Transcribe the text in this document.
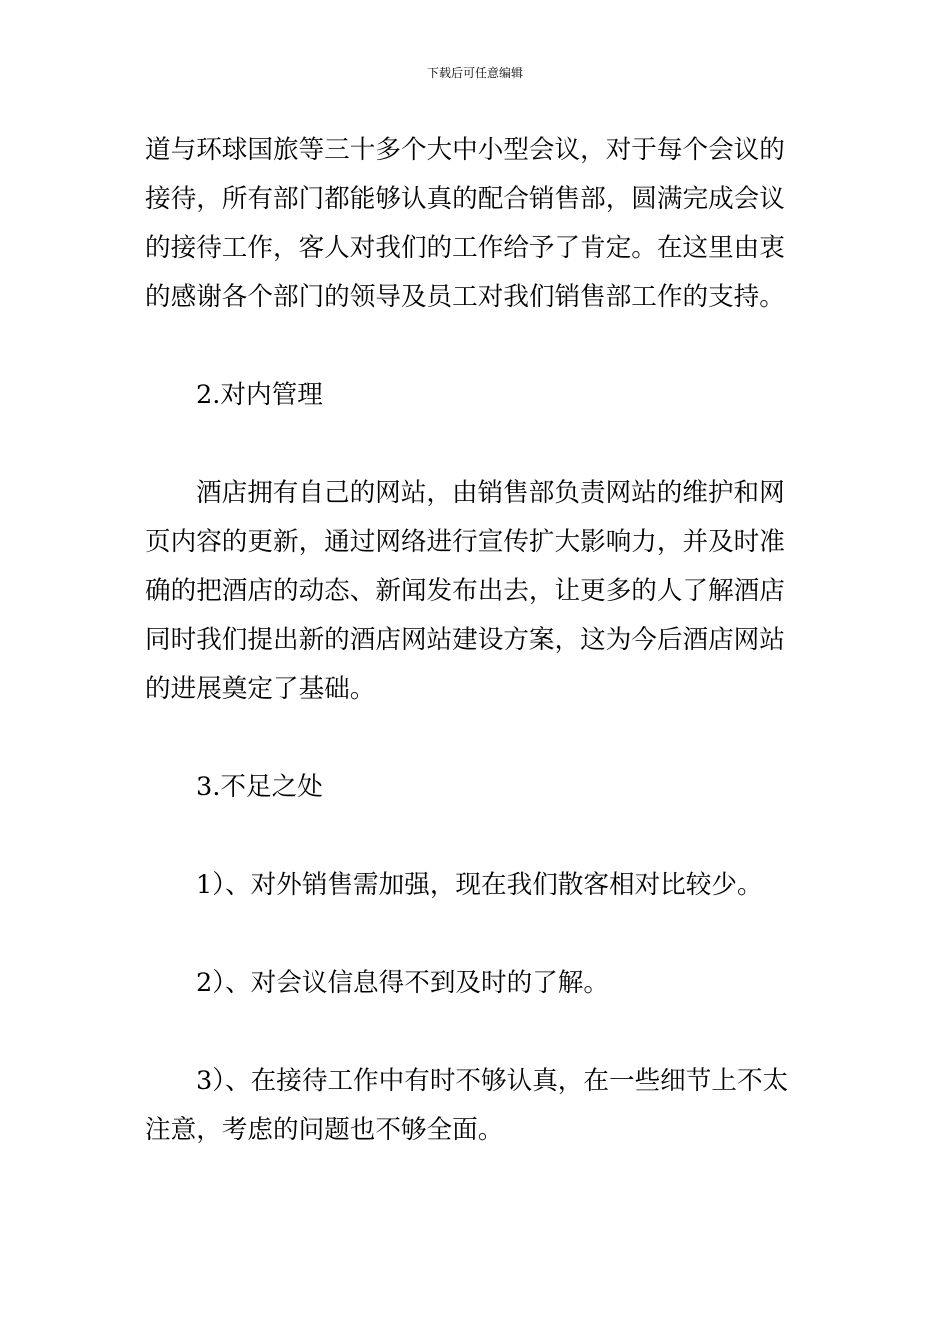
下载后可任意编辑

道与环球国旅等三十多个大中小型会议，对于每个会议的
接待，所有部门都能够认真的配合销售部，圆满完成会议
的接待工作，客人对我们的工作给予了肯定。在这里由衷
的感谢各个部门的领导及员工对我们销售部工作的支持。

2.对内管理

酒店拥有自己的网站，由销售部负责网站的维护和网
页内容的更新，通过网络进行宣传扩大影响力，并及时准
确的把酒店的动态、新闻发布出去，让更多的人了解酒店
同时我们提出新的酒店网站建设方案，这为今后酒店网站
的进展奠定了基础。

3.不足之处

1）、对外销售需加强，现在我们散客相对比较少。

2）、对会议信息得不到及时的了解。

3）、在接待工作中有时不够认真，在一些细节上不太
注意，考虑的问题也不够全面。
